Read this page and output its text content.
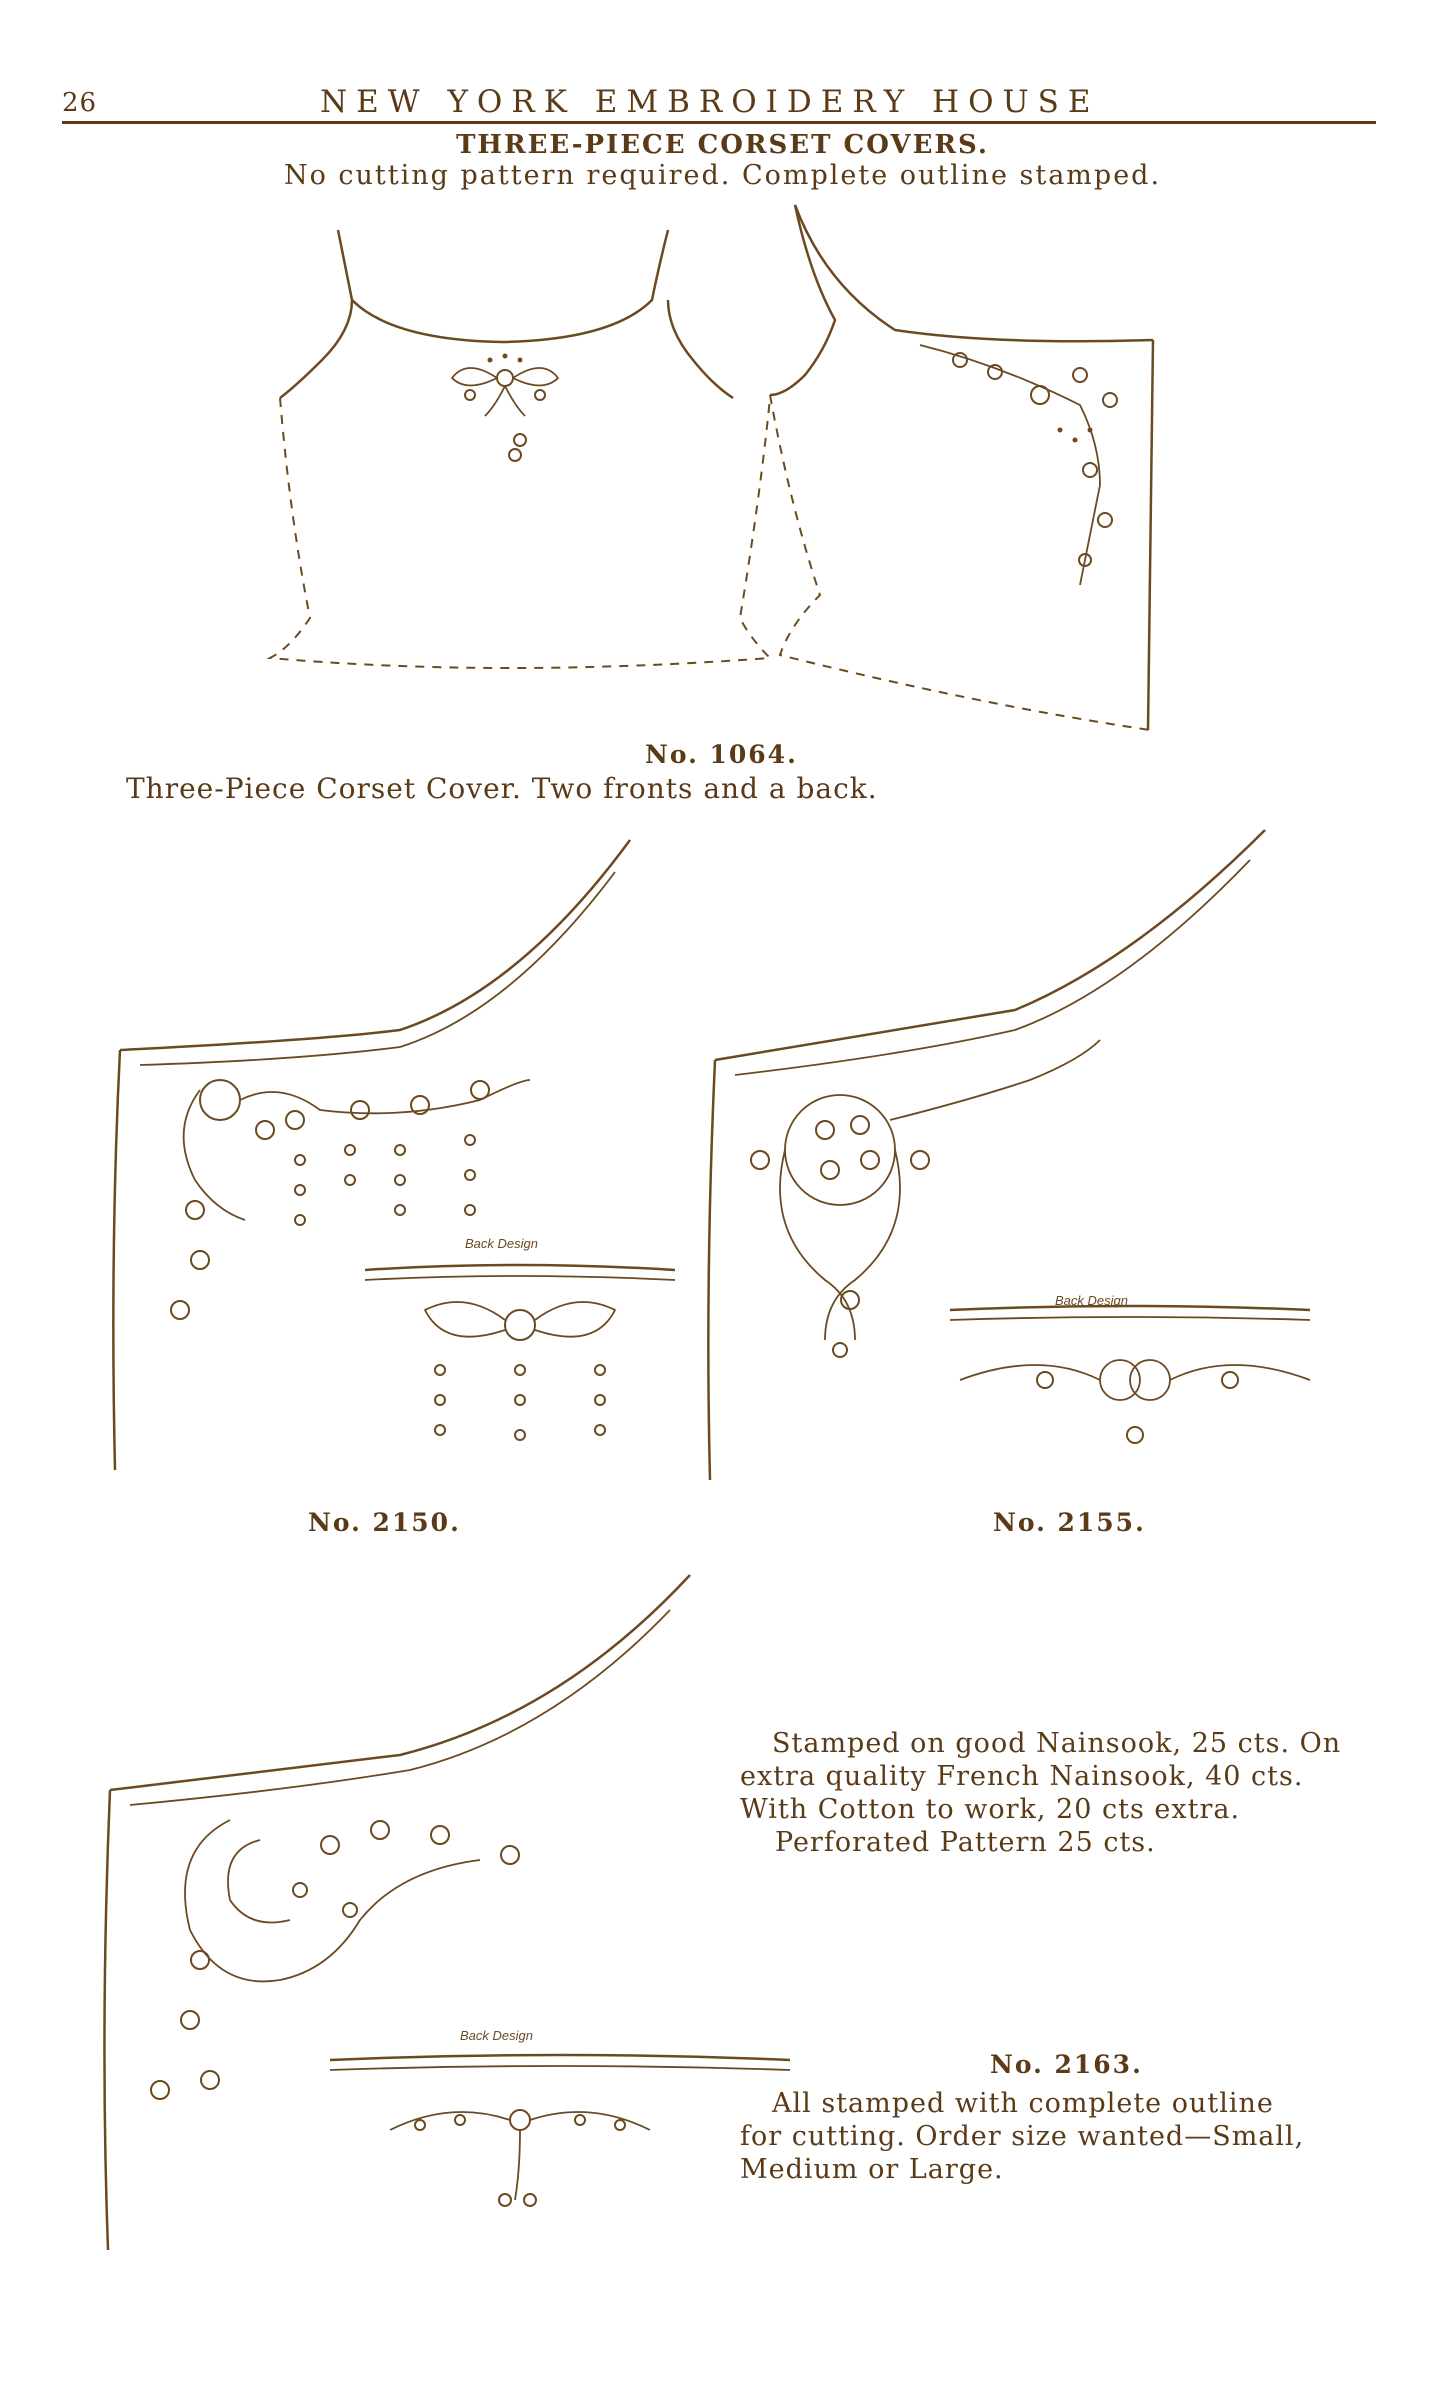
26	NEW YORK EMBROIDERY HOUSE
THREE-PIECE CORSET COVERS.
No cutting pattern required. Complete outline stamped.
No. 1064.
Three-Piece Corset Cover. Two fronts and a back.
Back Design
No. 2150.
Back Design
No. 2155.
Back Design
Stamped on good Nainsook, 25 cts. On
extra quality French Nainsook, 40 cts.
With Cotton to work, 20 cts extra.
Perforated Pattern 25 cts.
No. 2163.
All stamped with complete outline
for cutting. Order size wanted—Small,
Medium or Large.
